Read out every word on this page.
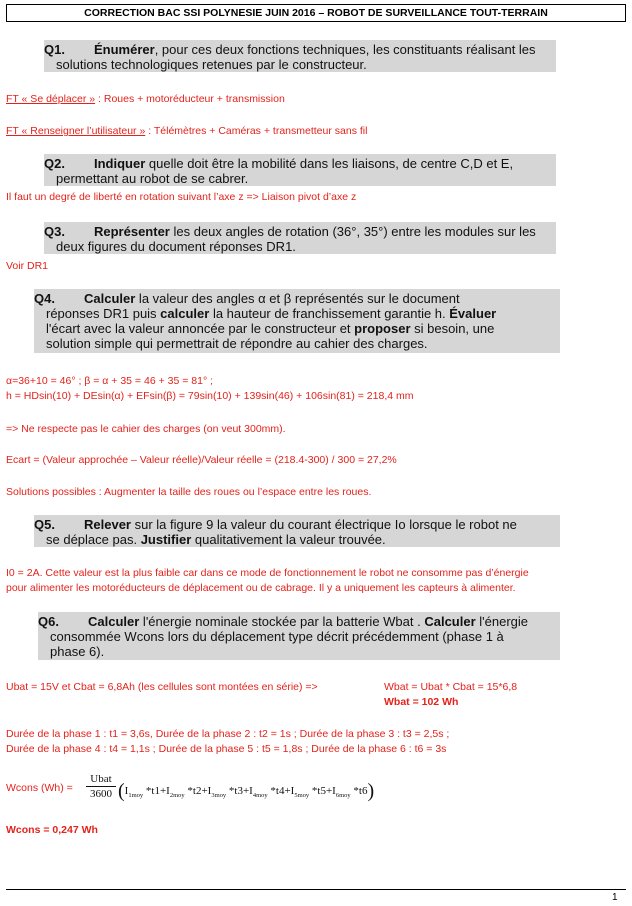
CORRECTION BAC SSI POLYNESIE JUIN 2016 – ROBOT DE SURVEILLANCE TOUT-TERRAIN
Q1. Énumérer, pour ces deux fonctions techniques, les constituants réalisant les
solutions technologiques retenues par le constructeur.
FT « Se déplacer » : Roues + motoréducteur + transmission
FT « Renseigner l’utilisateur » : Télémètres + Caméras + transmetteur sans fil
Q2. Indiquer quelle doit être la mobilité dans les liaisons, de centre C,D et E,
permettant au robot de se cabrer.
Il faut un degré de liberté en rotation suivant l’axe z => Liaison pivot d’axe z
Q3. Représenter les deux angles de rotation (36°, 35°) entre les modules sur les
deux figures du document réponses DR1.
Voir DR1
Q4. Calculer la valeur des angles α et β représentés sur le document
réponses DR1 puis calculer la hauteur de franchissement garantie h. Évaluer
l'écart avec la valeur annoncée par le constructeur et proposer si besoin, une
solution simple qui permettrait de répondre au cahier des charges.
α=36+10 = 46° ; β = α + 35 = 46 + 35 = 81° ;
h = HDsin(10) + DEsin(α) + EFsin(β) = 79sin(10) + 139sin(46) + 106sin(81) = 218,4 mm
=> Ne respecte pas le cahier des charges (on veut 300mm).
Ecart = (Valeur approchée – Valeur réelle)/Valeur réelle = (218.4-300) / 300 = 27,2%
Solutions possibles : Augmenter la taille des roues ou l’espace entre les roues.
Q5. Relever sur la figure 9 la valeur du courant électrique Io lorsque le robot ne
se déplace pas. Justifier qualitativement la valeur trouvée.
I0 = 2A. Cette valeur est la plus faible car dans ce mode de fonctionnement le robot ne consomme pas d’énergie
pour alimenter les motoréducteurs de déplacement ou de cabrage. Il y a uniquement les capteurs à alimenter.
Q6. Calculer l'énergie nominale stockée par la batterie Wbat . Calculer l'énergie
consommée Wcons lors du déplacement type décrit précédemment (phase 1 à
phase 6).
Ubat = 15V et Cbat = 6,8Ah (les cellules sont montées en série) =>	Wbat = Ubat * Cbat = 15*6,8
Wbat = 102 Wh
Durée de la phase 1 : t1 = 3,6s, Durée de la phase 2 : t2 = 1s ; Durée de la phase 3 : t3 = 2,5s ;
Durée de la phase 4 : t4 = 1,1s ; Durée de la phase 5 : t5 = 1,8s ; Durée de la phase 6 : t6 = 3s
Wcons (Wh) =
Ubat
3600 ($I_{1moy}$ $*t1+I_{2moy}$ $*t2+I_{3moy}$ $*t3+I_{4moy}$ $*t4+I_{5moy}$ $*t5+I_{6moy}$ *t6)
Wcons = 0,247 Wh
1
